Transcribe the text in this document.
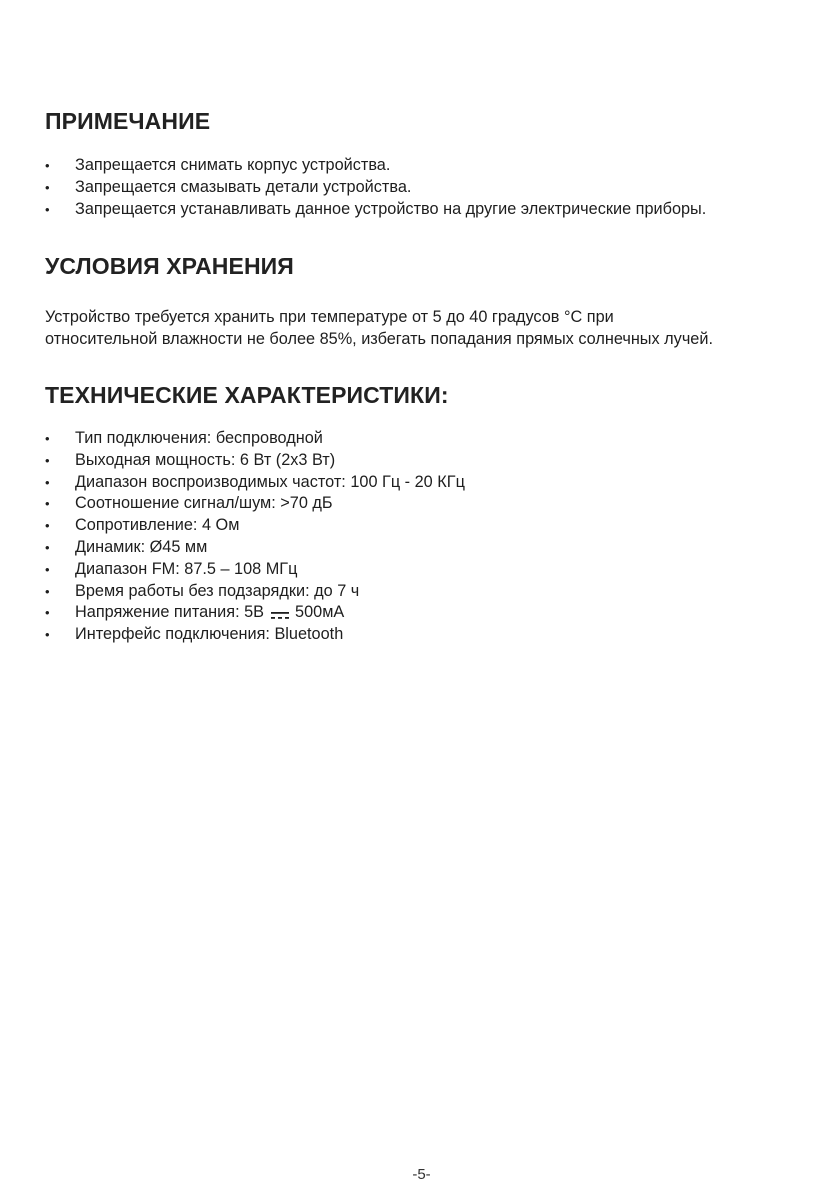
ПРИМЕЧАНИЕ
• Запрещается снимать корпус устройства.
• Запрещается смазывать детали устройства.
• Запрещается устанавливать данное устройство на другие электрические приборы.
УСЛОВИЯ ХРАНЕНИЯ

Устройство требуется хранить при температуре от 5 до 40 градусов °С при

относительной влажности не более 85%, избегать попадания прямых солнечных лучей.

ТЕХНИЧЕСКИЕ ХАРАКТЕРИСТИКИ:
• Тип подключения: беспроводной
• Выходная мощность: 6 Вт (2х3 Вт)
• Диапазон воспроизводимых частот: 100 Гц - 20 КГц
• Соотношение сигнал/шум: >70 дБ
• Сопротивление: 4 Ом
• Динамик: Ø45 мм
• Диапазон FM: 87.5 – 108 МГц
• Время работы без подзарядки: до 7 ч
• Напряжение питания: 5В 500мА
• Интерфейс подключения: Bluetooth
-5-
